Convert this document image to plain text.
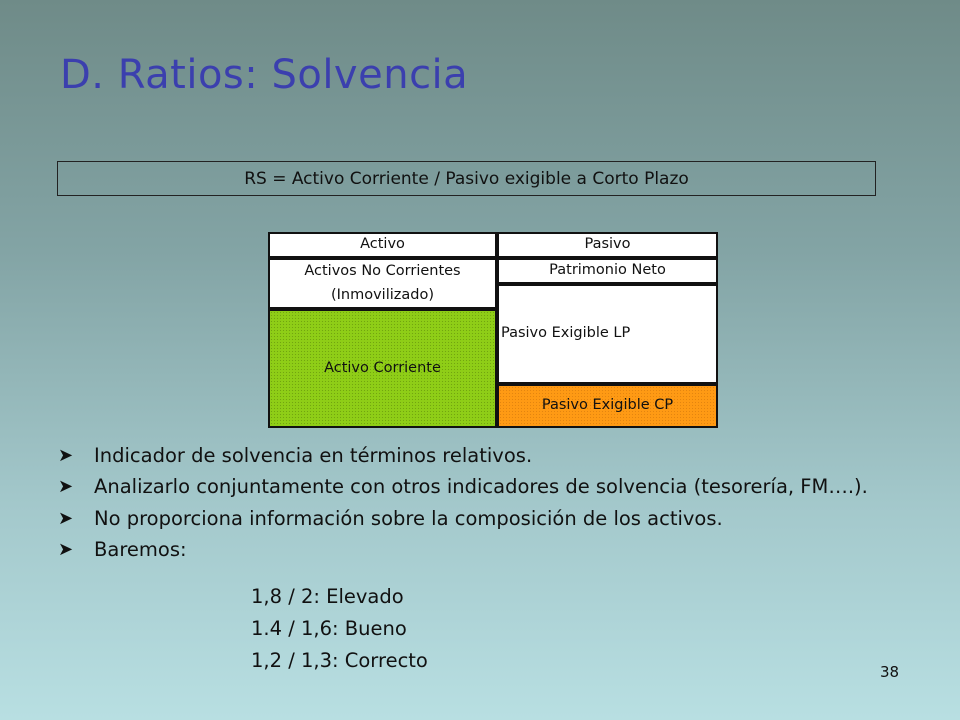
D. Ratios: Solvencia
RS = Activo Corriente / Pasivo exigible a Corto Plazo
Activo	Pasivo
Activos No Corrientes
(Inmovilizado)
Patrimonio Neto
Activo Corriente
Pasivo Exigible LP
Pasivo Exigible CP
➤	Indicador de solvencia en términos relativos.
➤	Analizarlo conjuntamente con otros indicadores de solvencia (tesorería, FM….).
➤	No proporciona información sobre la composición de los activos.
➤	Baremos:
1,8 / 2: Elevado
1.4 / 1,6: Bueno
1,2 / 1,3: Correcto	38
